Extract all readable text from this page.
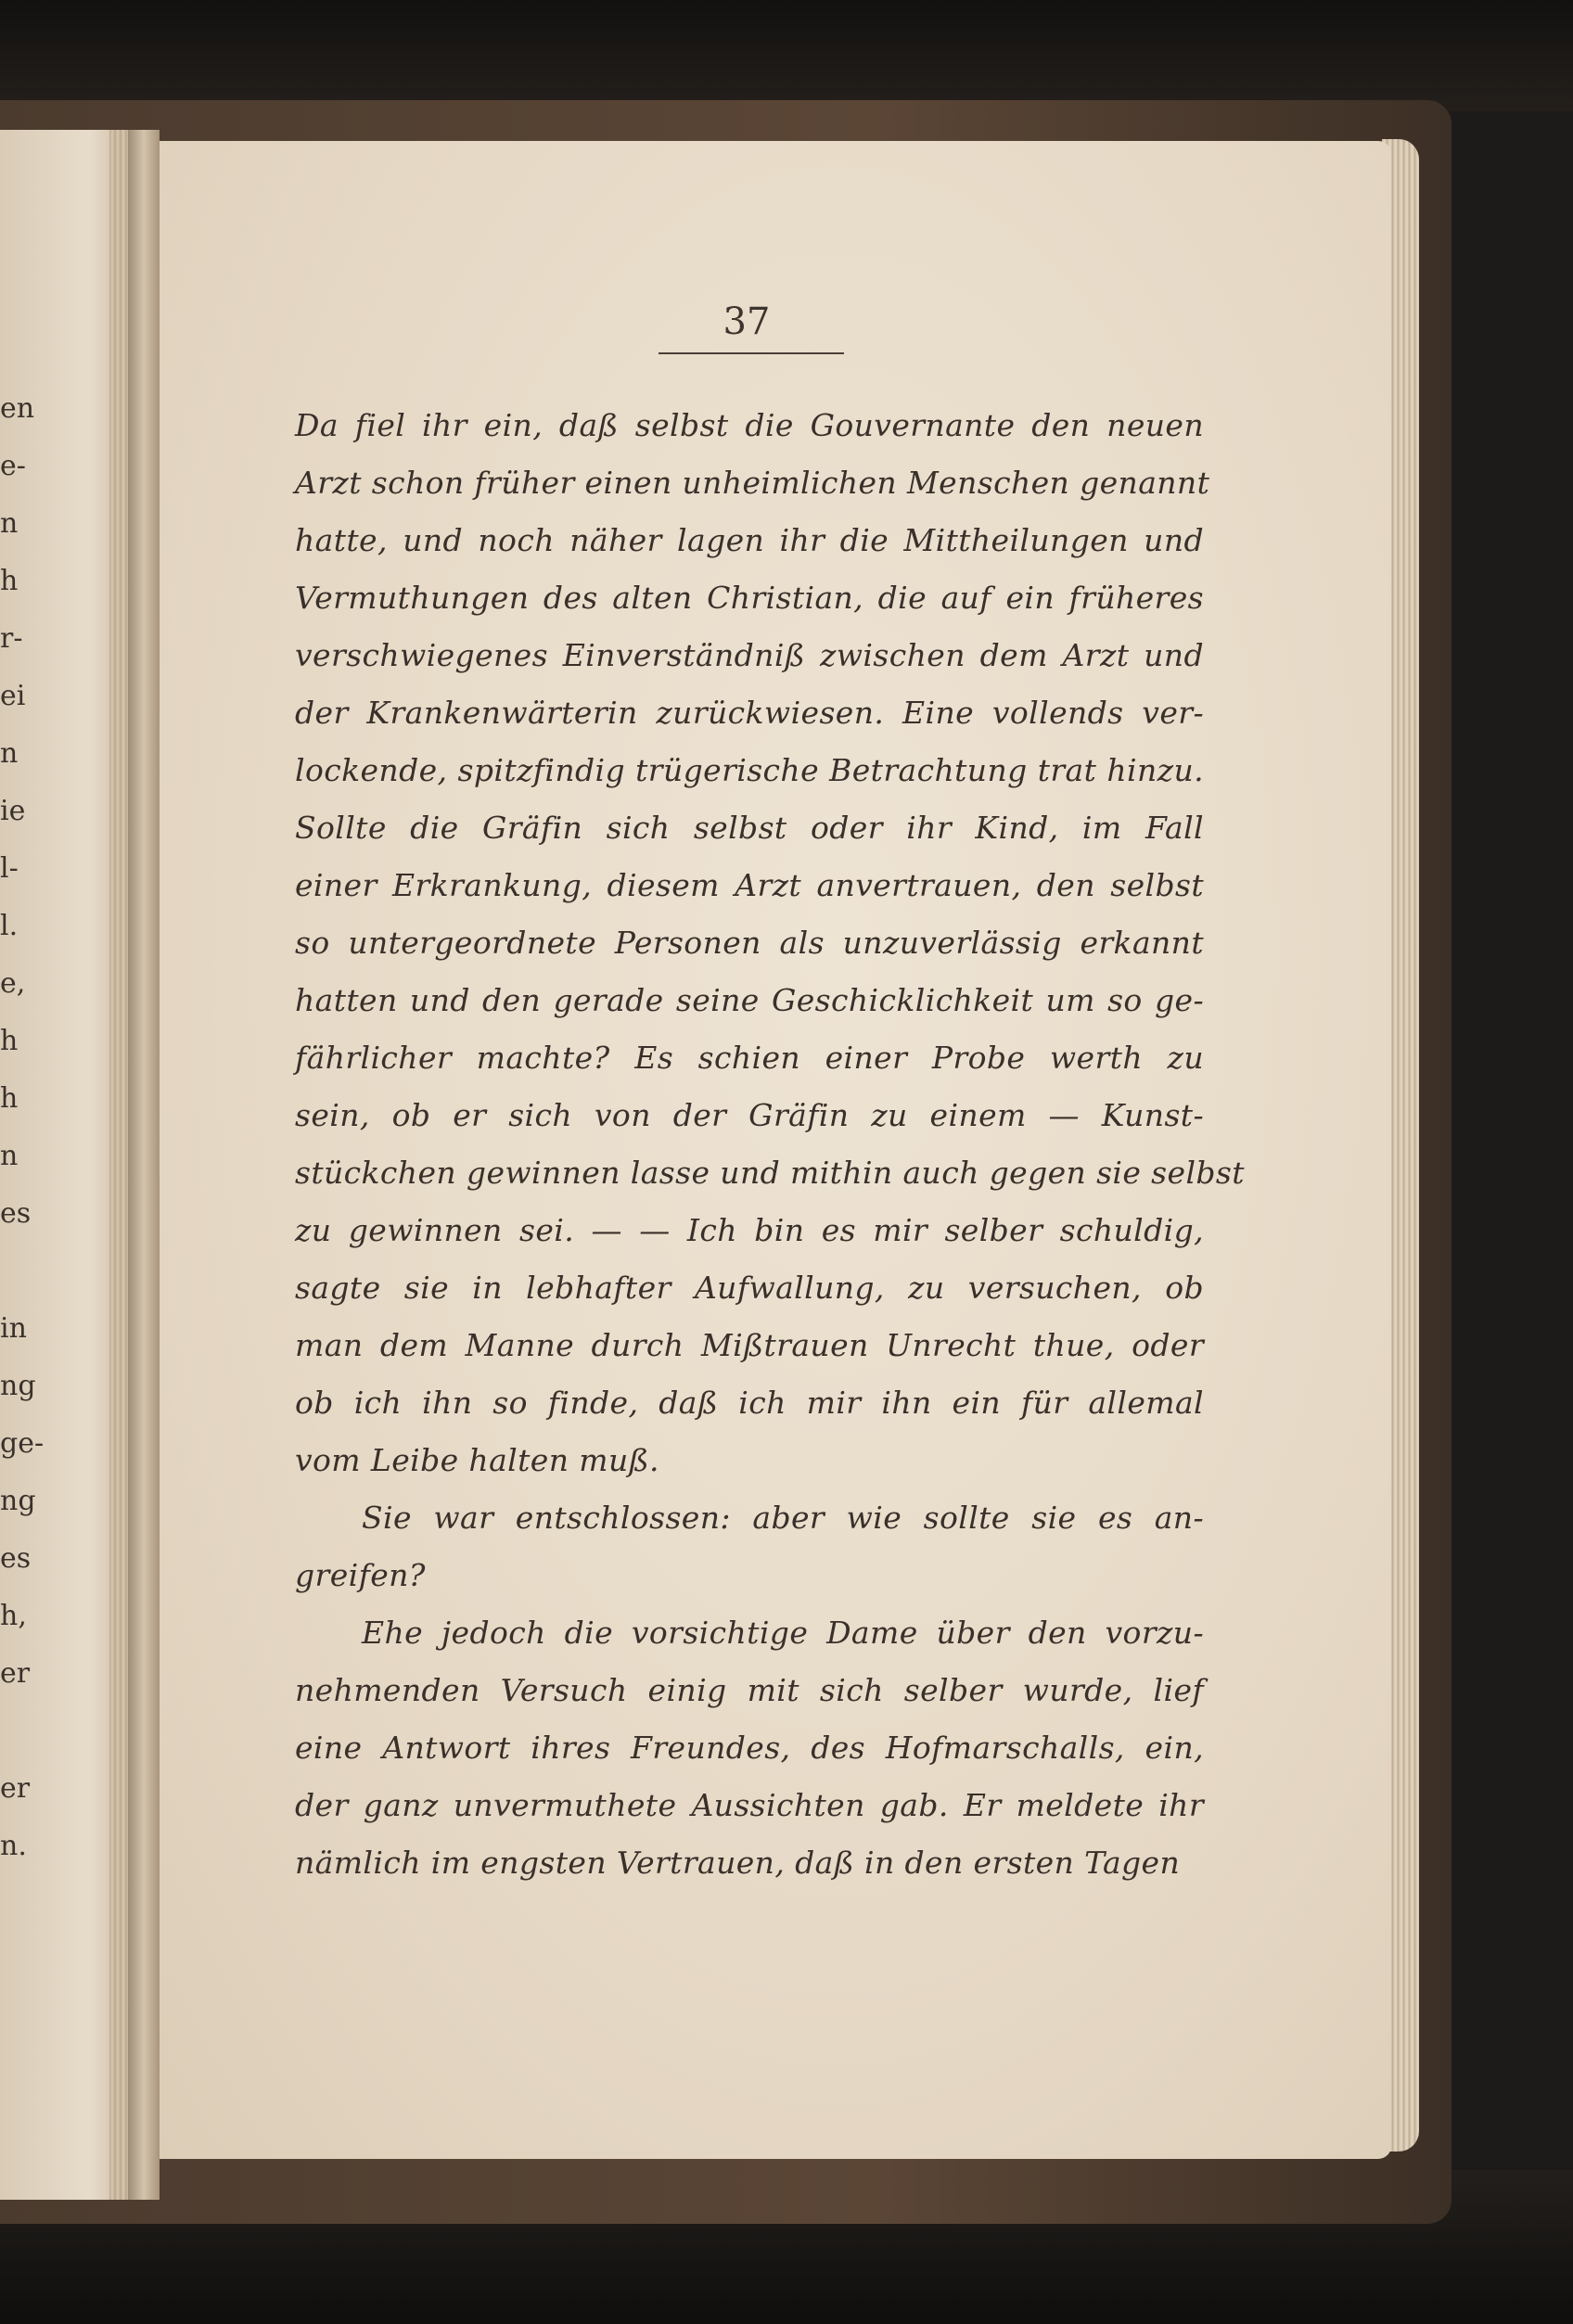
en
e-
n
h
r-
ei
n
ie
l-
l.
e,
h
h
n
es
in
ng
ge-
ng
es
h,
er
er
n.
37
Da fiel ihr ein, daß selbst die Gouvernante den neuen
Arzt schon früher einen unheimlichen Menschen genannt
hatte, und noch näher lagen ihr die Mittheilungen und
Vermuthungen des alten Christian, die auf ein früheres
verschwiegenes Einverständniß zwischen dem Arzt und
der Krankenwärterin zurückwiesen. Eine vollends ver-
lockende, spitzfindig trügerische Betrachtung trat hinzu.
Sollte die Gräfin sich selbst oder ihr Kind, im Fall
einer Erkrankung, diesem Arzt anvertrauen, den selbst
so untergeordnete Personen als unzuverlässig erkannt
hatten und den gerade seine Geschicklichkeit um so ge-
fährlicher machte? Es schien einer Probe werth zu
sein, ob er sich von der Gräfin zu einem — Kunst-
stückchen gewinnen lasse und mithin auch gegen sie selbst
zu gewinnen sei. — — Ich bin es mir selber schuldig,
sagte sie in lebhafter Aufwallung, zu versuchen, ob
man dem Manne durch Mißtrauen Unrecht thue, oder
ob ich ihn so finde, daß ich mir ihn ein für allemal
vom Leibe halten muß.
Sie war entschlossen: aber wie sollte sie es an-
greifen?
Ehe jedoch die vorsichtige Dame über den vorzu-
nehmenden Versuch einig mit sich selber wurde, lief
eine Antwort ihres Freundes, des Hofmarschalls, ein,
der ganz unvermuthete Aussichten gab. Er meldete ihr
nämlich im engsten Vertrauen, daß in den ersten Tagen
